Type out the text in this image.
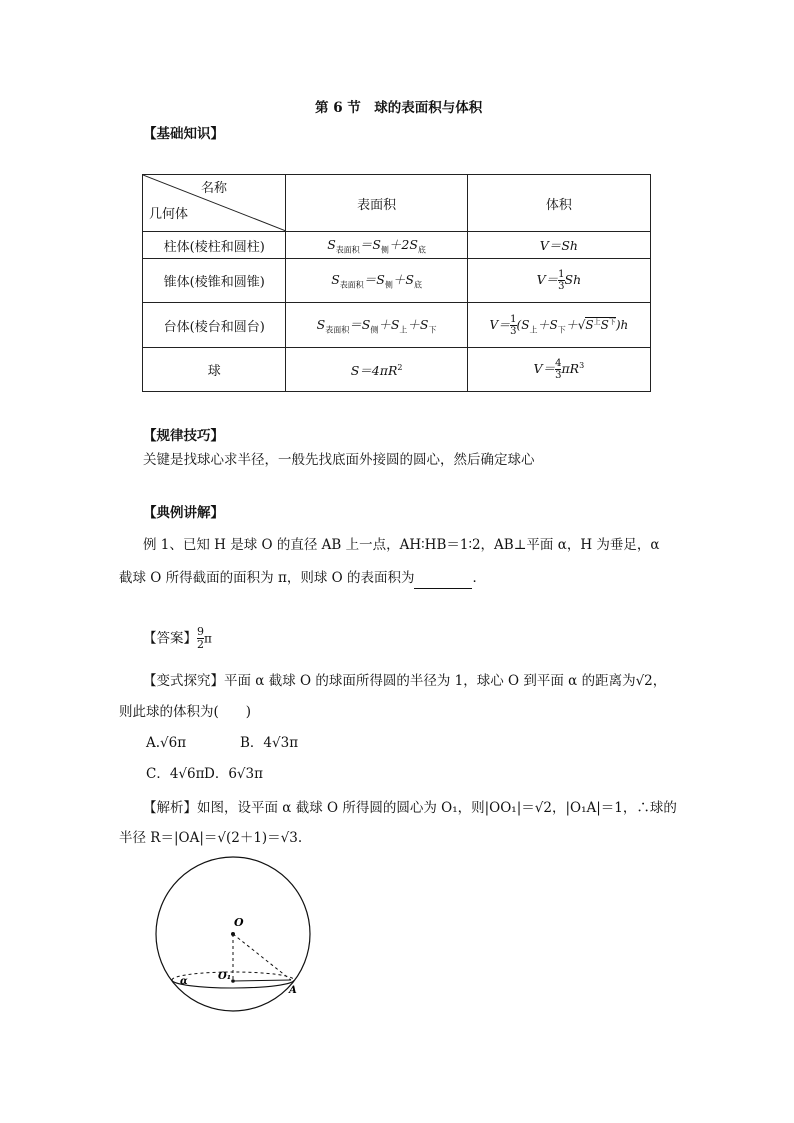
第 6 节　球的表面积与体积
【基础知识】
名称
几何体	表面积	体积
柱体(棱柱和圆柱)	$S_{表面积}=S_侧+2S_底$	V＝Sh
锥体(棱锥和圆锥)	$S_{表面积}=S_侧+S_底$	$V= \frac{1}{3}$ Sh
台体(棱台和圆台)	$S_{表面积}=S_侧+S_上+S_下$	$V= \frac{1}{3} (S_上+S_下+√S^上S^下)h$
球	$S=4\pi R^2$	$V= \frac{4}{3} \pi R^3$
【规律技巧】
关键是找球心求半径，一般先找底面外接圆的圆心，然后确定球心
【典例讲解】
例 1、已知 H 是球 O 的直径 AB 上一点，AH∶HB＝1∶2，AB⊥平面 α，H 为垂足，α
截球 O 所得截面的面积为 π，则球 O 的表面积为	．
【答案】 $\frac{9}{2}$ π
【变式探究】平面 α 截球 O 的球面所得圆的半径为 1，球心 O 到平面 α 的距离为√2，
则此球的体积为(　　)
A.√6π	B．4√3π
C．4√6π D．6√3π
【解析】如图，设平面 α 截球 O 所得圆的圆心为 O₁，则|OO₁|＝√2，|O₁A|＝1，∴球的
半径 R＝|OA|＝√(2＋1)＝√3.
O
O₁
A
α
